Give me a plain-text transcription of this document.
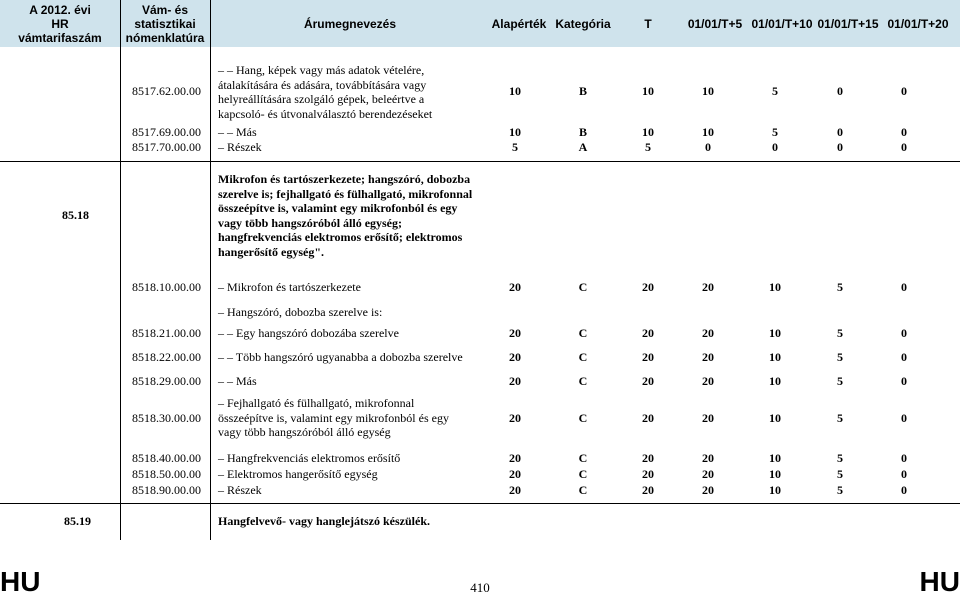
A 2012. évi
HR
vámtarifaszám
Vám- és
statisztikai
nómenklatúra
Árumegnevezés	Alapérték Kategória	T	01/01/T+5 01/01/T+10 01/01/T+15 01/01/T+20
8517.62.00.00
– – Hang, képek vagy más adatok vételére, átalakítására és adására, továbbítására vagy helyreállítására szolgáló gépek, beleértve a kapcsoló- és útvonalválasztó berendezéseket
10	B	10	10	5	0	0
8517.69.00.00 – – Más	10	B	10	10	5	0	0
8517.70.00.00 – Részek	5	A	5	0	0	0	0
85.18
Mikrofon és tartószerkezete; hangszóró, dobozba szerelve is; fejhallgató és fülhallgató, mikrofonnal összeépítve is, valamint egy mikrofonból és egy vagy több hangszóróból álló egység; hangfrekvenciás elektromos erősítő; elektromos hangerősítő egység".
8518.10.00.00 – Mikrofon és tartószerkezete	20	C	20	20	10	5	0
– Hangszóró, dobozba szerelve is:
8518.21.00.00 – – Egy hangszóró dobozába szerelve	20	C	20	20	10	5	0
8518.22.00.00 – – Több hangszóró ugyanabba a dobozba szerelve	20	C	20	20	10	5	0
8518.29.00.00 – – Más	20	C	20	20	10	5	0
8518.30.00.00
– Fejhallgató és fülhallgató, mikrofonnal összeépítve is, valamint egy mikrofonból és egy vagy több hangszóróból álló egység
20	C	20	20	10	5	0
8518.40.00.00 – Hangfrekvenciás elektromos erősítő	20	C	20	20	10	5	0
8518.50.00.00 – Elektromos hangerősítő egység	20	C	20	20	10	5	0
8518.90.00.00 – Részek	20	C	20	20	10	5	0
85.19	Hangfelvevő- vagy hanglejátszó készülék.
HU	410	HU
